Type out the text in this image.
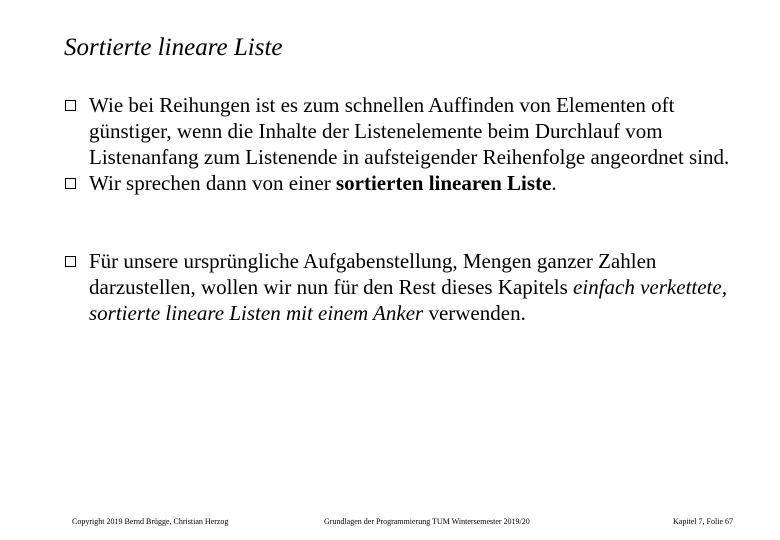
Sortierte lineare Liste
Wie bei Reihungen ist es zum schnellen Auffinden von Elementen oft günstiger, wenn die Inhalte der Listenelemente beim Durchlauf vom Listenanfang zum Listenende in aufsteigender Reihenfolge angeordnet sind.
Wir sprechen dann von einer sortierten linearen Liste.
Für unsere ursprüngliche Aufgabenstellung, Mengen ganzer Zahlen darzustellen, wollen wir nun für den Rest dieses Kapitels einfach verkettete, sortierte lineare Listen mit einem Anker verwenden.
Copyright 2019 Bernd Brügge, Christian Herzog	Grundlagen der Programmierung TUM Wintersemester 2019/20	Kapitel 7, Folie 67
